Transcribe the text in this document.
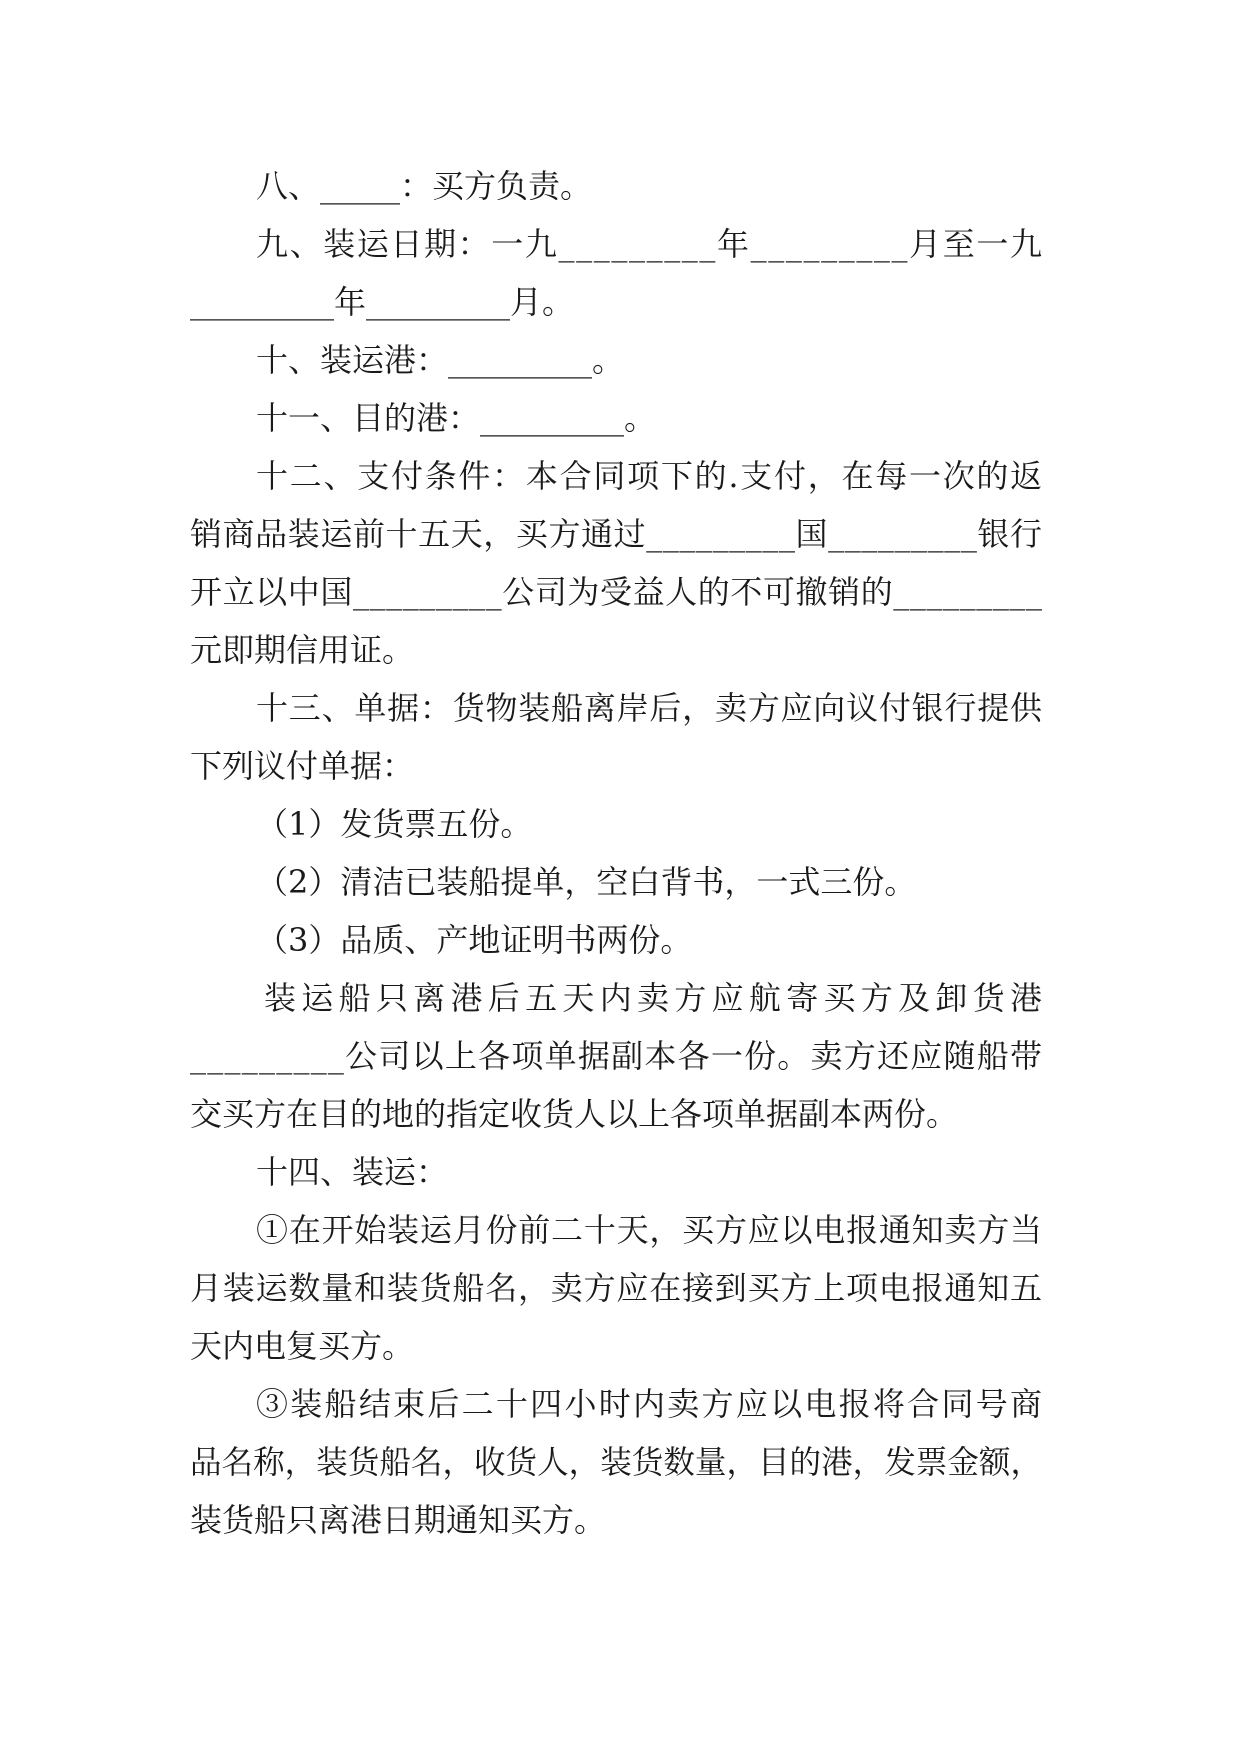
八、_____：买方负责。
九、装运日期：一九_________年_________月至一九
_________年_________月。
十、装运港：_________。
十一、目的港：_________。
十二、支付条件：本合同项下的.支付，在每一次的返
销商品装运前十五天，买方通过_________国_________银行
开立以中国_________公司为受益人的不可撤销的_________
元即期信用证。
十三、单据：货物装船离岸后，卖方应向议付银行提供
下列议付单据：
（1）发货票五份。
（2）清洁已装船提单，空白背书，一式三份。
（3）品质、产地证明书两份。
装运船只离港后五天内卖方应航寄买方及卸货港
_________公司以上各项单据副本各一份。卖方还应随船带
交买方在目的地的指定收货人以上各项单据副本两份。
十四、装运：
①在开始装运月份前二十天，买方应以电报通知卖方当
月装运数量和装货船名，卖方应在接到买方上项电报通知五
天内电复买方。
③装船结束后二十四小时内卖方应以电报将合同号商
品名称，装货船名，收货人，装货数量，目的港，发票金额，
装货船只离港日期通知买方。
